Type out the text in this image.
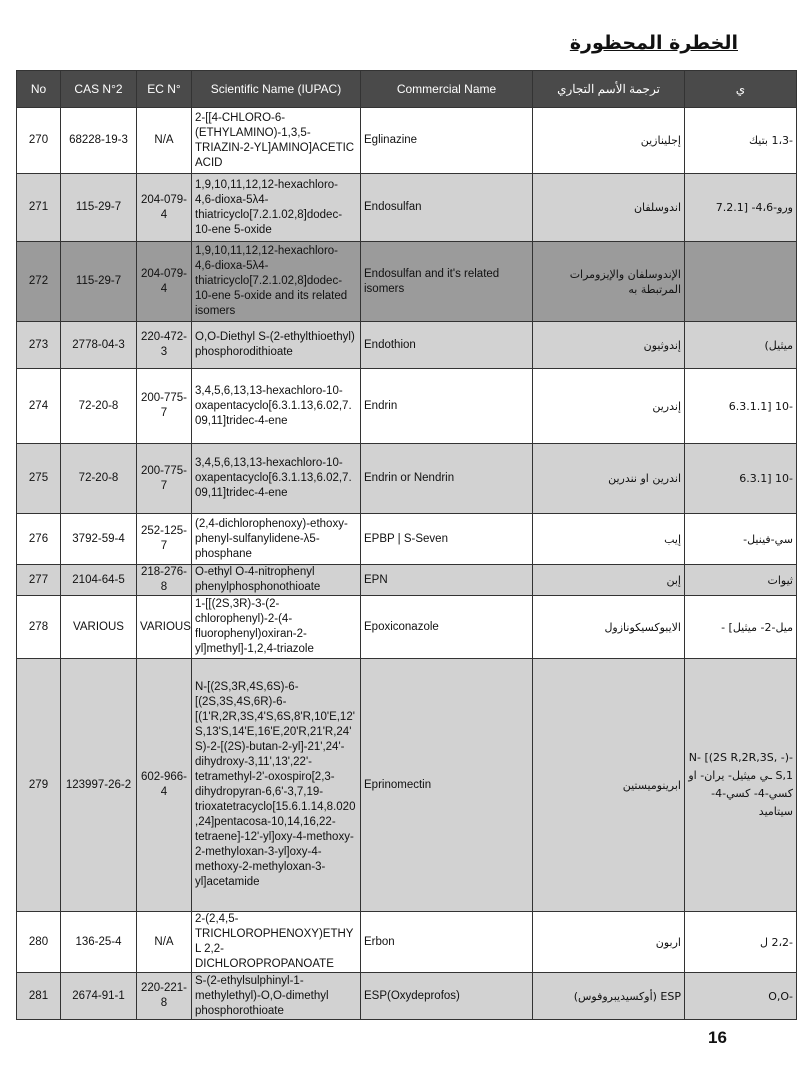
الخطرة المحظورة
No	CAS N°2	EC N°	Scientific Name (IUPAC)	Commercial Name	ترجمة الأسم التجاري	ي
270	68228-19-3	N/A	2-[[4-CHLORO-6-(ETHYLAMINO)-1,3,5-TRIAZIN-2-YL]AMINO]ACETIC ACID	Eglinazine	إجلينازين	-1،3 بتيك
271	115-29-7	204-079-4	1,9,10,11,12,12-hexachloro-4,6-dioxa-5λ4-thiatricyclo[7.2.1.02,8]dodec-10-ene 5-oxide	Endosulfan	اندوسلفان	ورو-4،6- [7.2.1
272	115-29-7	204-079-4	1,9,10,11,12,12-hexachloro-4,6-dioxa-5λ4-thiatricyclo[7.2.1.02,8]dodec-10-ene 5-oxide and its related isomers	Endosulfan and it's related isomers	الإندوسلفان والإيزومرات المرتبطة به	
273	2778-04-3	220-472-3	O,O-Diethyl S-(2-ethylthioethyl) phosphorodithioate	Endothion	إندوثيون	ميثيل)
274	72-20-8	200-775-7	3,4,5,6,13,13-hexachloro-10-oxapentacyclo[6.3.1.13,6.02,7.09,11]tridec-4-ene	Endrin	إندرين	-10 [6.3.1.1
275	72-20-8	200-775-7	3,4,5,6,13,13-hexachloro-10-oxapentacyclo[6.3.1.13,6.02,7.09,11]tridec-4-ene	Endrin or Nendrin	اندرين او نندرين	-10 [6.3.1
276	3792-59-4	252-125-7	(2,4-dichlorophenoxy)-ethoxy-phenyl-sulfanylidene-λ5-phosphane	EPBP | S-Seven	إيب	سي-فينيل-
277	2104-64-5	218-276-8	O-ethyl O-4-nitrophenyl phenylphosphonothioate	EPN	إبن	ثيوات
278	VARIOUS	VARIOUS	1-[[(2S,3R)-3-(2-chlorophenyl)-2-(4-fluorophenyl)oxiran-2-yl]methyl]-1,2,4-triazole	Epoxiconazole	الايبوكسيكونازول	ميل-2- ميثيل] -
279	123997-26-2	602-966-4	N-[(2S,3R,4S,6S)-6-[(2S,3S,4S,6R)-6-[(1'R,2R,3S,4'S,6S,8'R,10'E,12'S,13'S,14'E,16'E,20'R,21'R,24'S)-2-[(2S)-butan-2-yl]-21',24'-dihydroxy-3,11',13',22'-tetramethyl-2'-oxospiro[2,3-dihydropyran-6,6'-3,7,19-trioxatetracyclo[15.6.1.14,8.020,24]pentacosa-10,14,16,22-tetraene]-12'-yl]oxy-4-methoxy-2-methyloxan-3-yl]oxy-4-methoxy-2-methyloxan-3-yl]acetamide	Eprinomectin	ابرينوميستين	-(N- [(2S R,2R,3S, -S,1 ـي ميثيل- يران- او كسي-4- كسي-4- سيتاميد
280	136-25-4	N/A	2-(2,4,5-TRICHLOROPHENOXY)ETHYL 2,2-DICHLOROPROPANOATE	Erbon	اربون	-2،2 ل
281	2674-91-1	220-221-8	S-(2-ethylsulphinyl-1-methylethyl)-O,O-dimethyl phosphorothioate	ESP(Oxydeprofos)	ESP (أوكسيديبروفوس)	-O,O
16
